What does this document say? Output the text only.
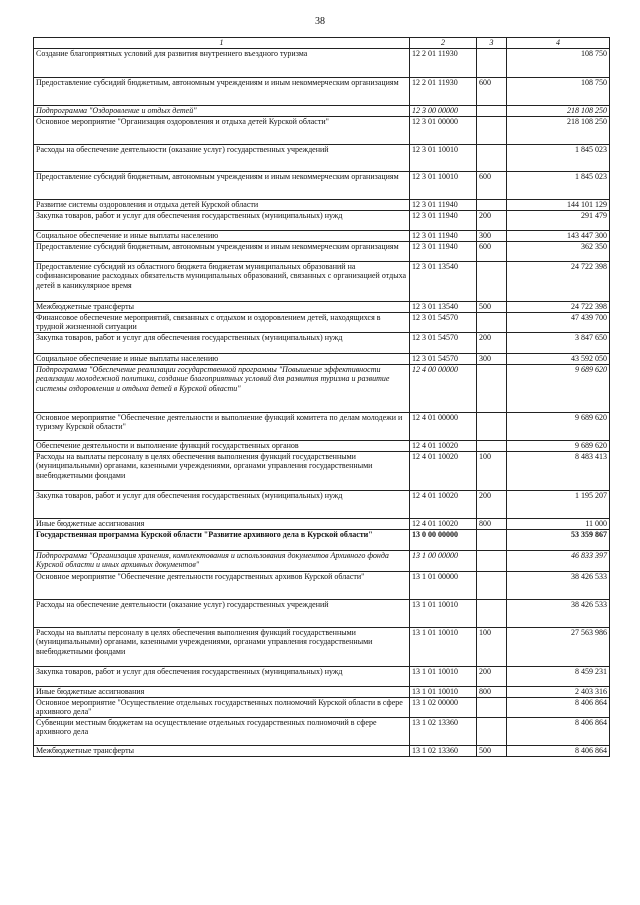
38
1	2	3	4
Создание благоприятных условий для развития внутреннего въездного туризма	12 2 01 11930		108 750
Предоставление субсидий бюджетным, автономным учреждениям и иным некоммерческим организациям	12 2 01 11930	600	108 750
Подпрограмма "Оздоровление и отдых детей"	12 3 00 00000		218 108 250
Основное мероприятие "Организация оздоровления и отдыха детей Курской области"	12 3 01 00000		218 108 250
Расходы на обеспечение деятельности (оказание услуг) государственных учреждений	12 3 01 10010		1 845 023
Предоставление субсидий бюджетным, автономным учреждениям и иным некоммерческим организациям	12 3 01 10010	600	1 845 023
Развитие системы оздоровления и отдыха детей Курской области	12 3 01 11940		144 101 129
Закупка товаров, работ и услуг для обеспечения государственных (муниципальных) нужд	12 3 01 11940	200	291 479
Социальное обеспечение и иные выплаты населению	12 3 01 11940	300	143 447 300
Предоставление субсидий бюджетным, автономным учреждениям и иным некоммерческим организациям	12 3 01 11940	600	362 350
Предоставление субсидий из областного бюджета бюджетам муниципальных образований на софинансирование расходных обязательств муниципальных образований, связанных с организацией отдыха детей в каникулярное время	12 3 01 13540		24 722 398
Межбюджетные трансферты	12 3 01 13540	500	24 722 398
Финансовое обеспечение мероприятий, связанных с отдыхом и оздоровлением детей, находящихся в трудной жизненной ситуации	12 3 01 54570		47 439 700
Закупка товаров, работ и услуг для обеспечения государственных (муниципальных) нужд	12 3 01 54570	200	3 847 650
Социальное обеспечение и иные выплаты населению	12 3 01 54570	300	43 592 050
Подпрограмма "Обеспечение реализации государственной программы "Повышение эффективности реализации молодежной политики, создание благоприятных условий для развития туризма и развитие системы оздоровления и отдыха детей в Курской области"	12 4 00 00000		9 689 620
Основное мероприятие "Обеспечение деятельности и выполнение функций комитета по делам молодежи и туризму Курской области"	12 4 01 00000		9 689 620
Обеспечение деятельности и выполнение функций государственных органов	12 4 01 10020		9 689 620
Расходы на выплаты персоналу в целях обеспечения выполнения функций государственными (муниципальными) органами, казенными учреждениями, органами управления государственными внебюджетными фондами	12 4 01 10020	100	8 483 413
Закупка товаров, работ и услуг для обеспечения государственных (муниципальных) нужд	12 4 01 10020	200	1 195 207
Иные бюджетные ассигнования	12 4 01 10020	800	11 000
Государственная программа Курской области "Развитие архивного дела в Курской области"	13 0 00 00000		53 359 867
Подпрограмма "Организация хранения, комплектования и использования документов Архивного фонда Курской области и иных архивных документов"	13 1 00 00000		46 833 397
Основное мероприятие "Обеспечение деятельности государственных архивов Курской области"	13 1 01 00000		38 426 533
Расходы на обеспечение деятельности (оказание услуг) государственных учреждений	13 1 01 10010		38 426 533
Расходы на выплаты персоналу в целях обеспечения выполнения функций государственными (муниципальными) органами, казенными учреждениями, органами управления государственными внебюджетными фондами	13 1 01 10010	100	27 563 986
Закупка товаров, работ и услуг для обеспечения государственных (муниципальных) нужд	13 1 01 10010	200	8 459 231
Иные бюджетные ассигнования	13 1 01 10010	800	2 403 316
Основное мероприятие "Осуществление отдельных государственных полномочий Курской области в сфере архивного дела"	13 1 02 00000		8 406 864
Субвенции местным бюджетам на осуществление отдельных государственных полномочий в сфере архивного дела	13 1 02 13360		8 406 864
Межбюджетные трансферты	13 1 02 13360	500	8 406 864
